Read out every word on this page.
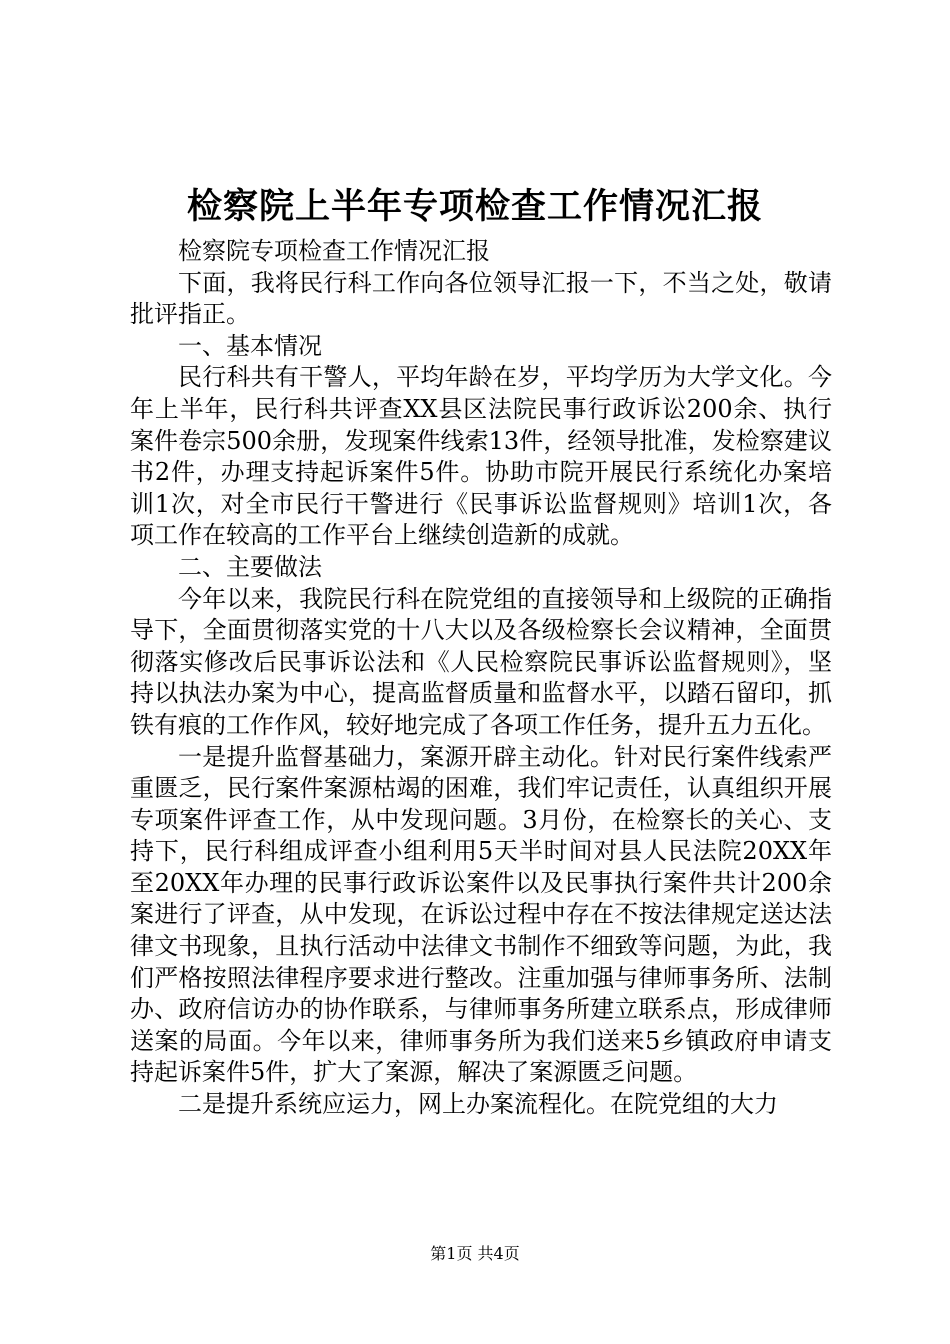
检察院上半年专项检查工作情况汇报

检察院专项检查工作情况汇报

下面，我将民行科工作向各位领导汇报一下，不当之处，敬请批评指正。

一、基本情况

民行科共有干警人，平均年龄在岁，平均学历为大学文化。今年上半年，民行科共评查XX县区法院民事行政诉讼200余、执行案件卷宗500余册，发现案件线索13件，经领导批准，发检察建议书2件，办理支持起诉案件5件。协助市院开展民行系统化办案培训1次，对全市民行干警进行《民事诉讼监督规则》培训1次，各项工作在较高的工作平台上继续创造新的成就。

二、主要做法

今年以来，我院民行科在院党组的直接领导和上级院的正确指导下，全面贯彻落实党的十八大以及各级检察长会议精神，全面贯彻落实修改后民事诉讼法和《人民检察院民事诉讼监督规则》，坚持以执法办案为中心，提高监督质量和监督水平，以踏石留印，抓铁有痕的工作作风，较好地完成了各项工作任务，提升五力五化。

一是提升监督基础力，案源开辟主动化。针对民行案件线索严重匮乏，民行案件案源枯竭的困难，我们牢记责任，认真组织开展专项案件评查工作，从中发现问题。3月份，在检察长的关心、支持下，民行科组成评查小组利用5天半时间对县人民法院20XX年至20XX年办理的民事行政诉讼案件以及民事执行案件共计200余案进行了评查，从中发现，在诉讼过程中存在不按法律规定送达法律文书现象，且执行活动中法律文书制作不细致等问题，为此，我们严格按照法律程序要求进行整改。注重加强与律师事务所、法制办、政府信访办的协作联系，与律师事务所建立联系点，形成律师送案的局面。今年以来，律师事务所为我们送来5乡镇政府申请支持起诉案件5件，扩大了案源，解决了案源匮乏问题。

二是提升系统应运力，网上办案流程化。在院党组的大力

第1页 共4页
